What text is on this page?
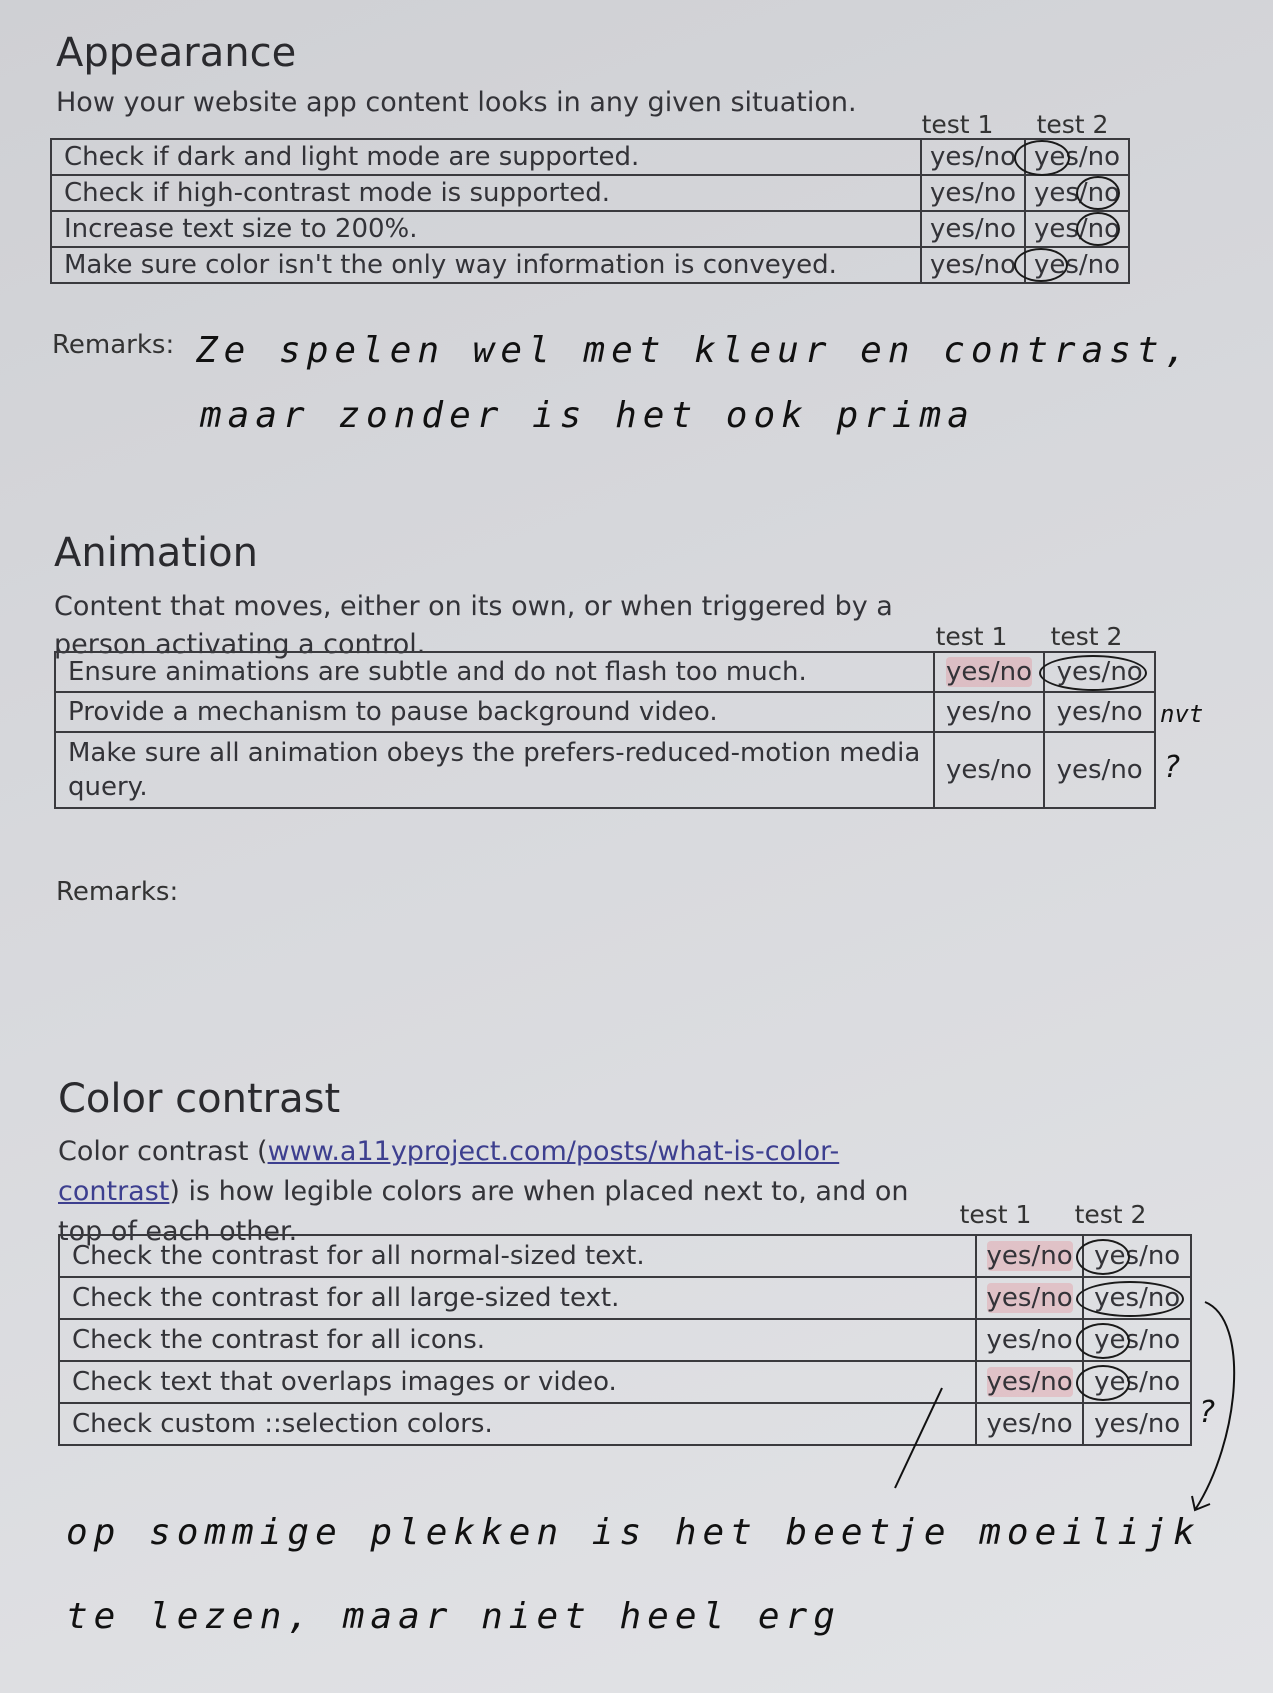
Appearance

How your website app content looks in any given situation.

test 1	test 2
Check if dark and light mode are supported.	yes/no	yes/no

Check if high-contrast mode is supported.	yes/no	yes/no

Increase text size to 200%.	yes/no	yes/no

Make sure color isn't the only way information is conveyed.	yes/no	yes/no
Remarks: Ze spelen wel met kleur en contrast,
maar zonder is het ook prima
Animation

Content that moves, either on its own, or when triggered by a

person activating a control.	test 1	test 2
Ensure animations are subtle and do not flash too much.	yes/no	yes/no

Provide a mechanism to pause background video.	yes/no	yes/no
Make sure all animation obeys the prefers-reduced-motion media query.	yes/no	yes/no
nvt
?
Remarks:
Color contrast

Color contrast (www.a11yproject.com/posts/what-is-color-contrast) is how legible colors are when placed next to, and on top of each other.

test 1	test 2
Check the contrast for all normal-sized text.	yes/no	yes/no

Check the contrast for all large-sized text.	yes/no	yes/no

Check the contrast for all icons.	yes/no	yes/no

Check text that overlaps images or video.	yes/no	yes/no

Check custom ::selection colors.	yes/no	yes/no ?
op sommige plekken is het beetje moeilijk
te lezen, maar niet heel erg
